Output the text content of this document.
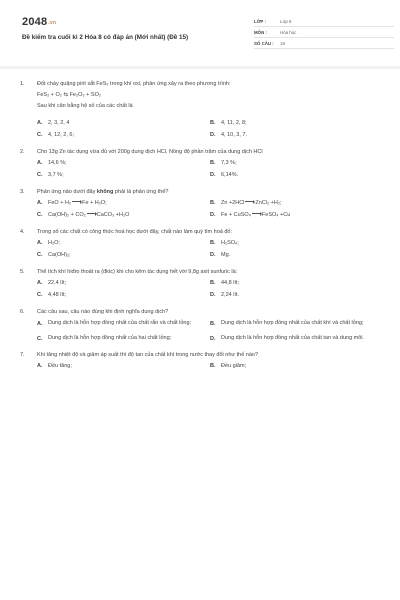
2048.vn
Đề kiểm tra cuối kì 2 Hóa 8 có đáp án (Mới nhất) (Đề 15)
LỚP :	Lớp 8
MÔN :	Hóa học
SỐ CÂU :	18
1.	Đốt cháy quặng pirit sắt FeS₂ trong khí oxi, phản ứng xảy ra theo phương trình:
FeS₂ + O₂ ⇆ Fe₂O₃ + SO₂
Sau khi cân bằng hệ số của các chất là
A.	2, 3, 2, 4	B.	4, 11, 2, 8;
C.	4, 12, 2, 6;	D.	4, 10, 3, 7.
2.	Cho 13g Zn tác dụng vừa đủ với 200g dung dịch HCl. Nồng độ phần trăm của dung dịch HCl
A.	14,6 %;	B.	7,3 %;
C.	3,7 %;	D.	6,14%.
3.	Phản ứng nào dưới đây không phải là phản ứng thế?
A.	FeO + H₂→Fe + H₂O;	B.	Zn +2HCl→ZnCl₂ +H₂;
C.	Ca(OH)₂ + CO₂→CaCO₃ +H₂O	D.	Fe + CuSO₄→FeSO₄ +Cu
4.	Trong số các chất có công thức hoá học dưới đây, chất nào làm quỳ tím hoá đỏ:
A.	H₂O;	B.	H₂SO₄;
C.	Ca(OH)₂;	D.	Mg.
5.	Thể tích khí hiđro thoát ra (đktc) khi cho kẽm tác dụng hết với 9,8g axit sunfuric là:
A.	22,4 lít;	B.	44,8 lít;
C.	4,48 lít;	D.	2,24 lít.
6.	Các câu sau, câu nào đúng khi định nghĩa dung dịch?
A.	Dung dịch là hỗn hợp đồng nhất của chất rắn và chất lỏng;	B.	Dung dịch là hỗn hợp đồng nhất của chất khí và chất lỏng;
C.	Dung dịch là hỗn hợp đồng nhất của hai chất lỏng;	D.	Dung dịch là hỗn hợp đồng nhất của chất tan và dung môi.
7.	Khi tăng nhiệt độ và giảm áp suất thì độ tan của chất khí trong nước thay đổi như thế nào?
A.	Đều tăng;	B.	Đều giảm;
